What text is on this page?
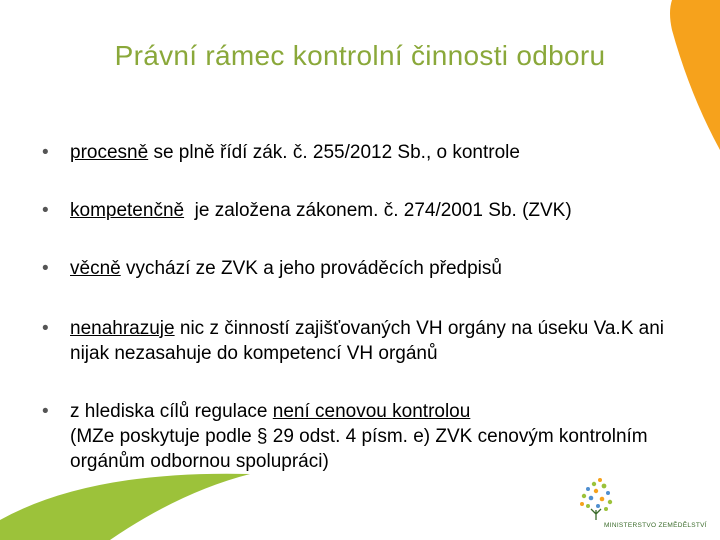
Právní rámec kontrolní činnosti odboru
• procesně se plně řídí zák. č. 255/2012 Sb., o kontrole
• kompetenčně  je založena zákonem. č. 274/2001 Sb. (ZVK)
• věcně vychází ze ZVK a jeho prováděcích předpisů
• nenahrazuje nic z činností zajišťovaných VH orgány na úseku Va.K ani nijak nezasahuje do kompetencí VH orgánů
• z hlediska cílů regulace není cenovou kontrolou
(MZe poskytuje podle § 29 odst. 4 písm. e) ZVK cenovým kontrolním orgánům odbornou spolupráci)
MINISTERSTVO ZEMĚDĚLSTVÍ
